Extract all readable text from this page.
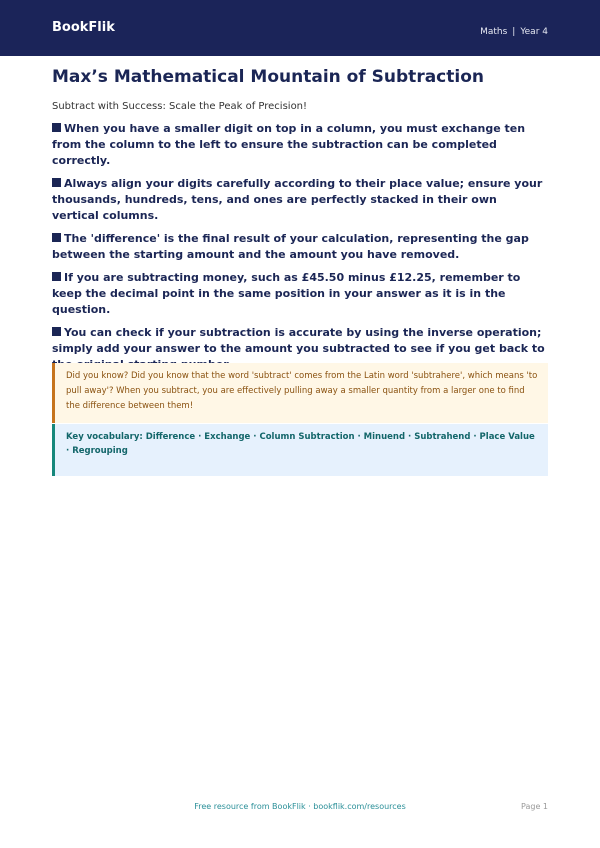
BookFlik	Maths | Year 4
Max’s Mathematical Mountain of Subtraction
Subtract with Success: Scale the Peak of Precision!
When you have a smaller digit on top in a column, you must exchange ten from the column to the left to ensure the subtraction can be completed correctly.
Always align your digits carefully according to their place value; ensure your thousands, hundreds, tens, and ones are perfectly stacked in their own vertical columns.
The 'difference' is the final result of your calculation, representing the gap between the starting amount and the amount you have removed.
If you are subtracting money, such as £45.50 minus £12.25, remember to keep the decimal point in the same position in your answer as it is in the question.
You can check if your subtraction is accurate by using the inverse operation; simply add your answer to the amount you subtracted to see if you get back to
Did you know? Did you know that the word 'subtract' comes from the Latin word 'subtrahere', which means 'to pull away'? When you subtract, you are effectively pulling away a smaller quantity from a larger one to find the difference between them!
Key vocabulary: Difference · Exchange · Column Subtraction · Minuend · Subtrahend · Place Value · Regrouping
Free resource from BookFlik · bookflik.com/resources	Page 1
